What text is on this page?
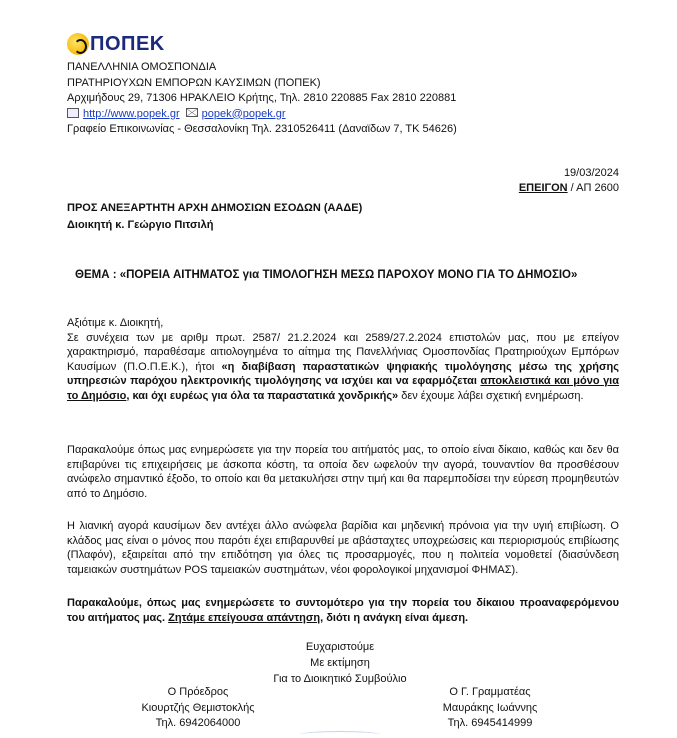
ΠΟΠΕΚ
ΠΑΝΕΛΛΗΝΙΑ ΟΜΟΣΠΟΝΔΙΑ
ΠΡΑΤΗΡΙΟΥΧΩΝ ΕΜΠΟΡΩΝ ΚΑΥΣΙΜΩΝ (ΠΟΠΕΚ)
Αρχιμήδους 29, 71306 ΗΡΑΚΛΕΙΟ Κρήτης, Τηλ. 2810 220885 Fax 2810 220881
http://www.popek.gr popek@popek.gr
Γραφείο Επικοινωνίας - Θεσσαλονίκη Τηλ. 2310526411 (Δαναϊδων 7, ΤΚ 54626)
19/03/2024
ΕΠΕΙΓΟΝ / ΑΠ 2600
ΠΡΟΣ ΑΝΕΞΑΡΤΗΤΗ ΑΡΧΗ ΔΗΜΟΣΙΩΝ ΕΣΟΔΩΝ (ΑΑΔΕ)
Διοικητή κ. Γεώργιο Πιτσιλή
ΘΕΜΑ : «ΠΟΡΕΙΑ ΑΙΤΗΜΑΤΟΣ για ΤΙΜΟΛΟΓΗΣΗ ΜΕΣΩ ΠΑΡΟΧΟΥ ΜΟΝΟ ΓΙΑ ΤΟ ΔΗΜΟΣΙΟ»
Αξιότιμε κ. Διοικητή,
Σε συνέχεια των με αριθμ πρωτ. 2587/ 21.2.2024 και 2589/27.2.2024 επιστολών μας, που με επείγον χαρακτηρισμό, παραθέσαμε αιτιολογημένα το αίτημα της Πανελλήνιας Ομοσπονδίας Πρατηριούχων Εμπόρων Καυσίμων (Π.Ο.Π.Ε.Κ.), ήτοι «η διαβίβαση παραστατικών ψηφιακής τιμολόγησης μέσω της χρήσης υπηρεσιών παρόχου ηλεκτρονικής τιμολόγησης να ισχύει και να εφαρμόζεται αποκλειστικά και μόνο για το Δημόσιο, και όχι ευρέως για όλα τα παραστατικά χονδρικής» δεν έχουμε λάβει σχετική ενημέρωση.
Παρακαλούμε όπως μας ενημερώσετε για την πορεία του αιτήματός μας, το οποίο είναι δίκαιο, καθώς και δεν θα επιβαρύνει τις επιχειρήσεις με άσκοπα κόστη, τα οποία δεν ωφελούν την αγορά, τουναντίον θα προσθέσουν ανώφελο σημαντικό έξοδο, το οποίο και θα μετακυλήσει στην τιμή και θα παρεμποδίσει την εύρεση προμηθευτών από το Δημόσιο.
Η λιανική αγορά καυσίμων δεν αντέχει άλλο ανώφελα βαρίδια και μηδενική πρόνοια για την υγιή επιβίωση. Ο κλάδος μας είναι ο μόνος που παρότι έχει επιβαρυνθεί με αβάσταχτες υποχρεώσεις και περιορισμούς επιβίωσης (Πλαφόν), εξαιρείται από την επιδότηση για όλες τις προσαρμογές, που η πολιτεία νομοθετεί (διασύνδεση ταμειακών συστημάτων POS ταμειακών συστημάτων, νέοι φορολογικοί μηχανισμοί ΦΗΜΑΣ).
Παρακαλούμε, όπως μας ενημερώσετε το συντομότερο για την πορεία του δίκαιου προαναφερόμενου του αιτήματος μας. Ζητάμε επείγουσα απάντηση, διότι η ανάγκη είναι άμεση.
Ευχαριστούμε
Με εκτίμηση
Για το Διοικητικό Συμβούλιο
Ο Πρόεδρος
Κιουρτζής Θεμιστοκλής
Τηλ. 6942064000
Ο Γ. Γραμματέας
Μαυράκης Ιωάννης
Τηλ. 6945414999
